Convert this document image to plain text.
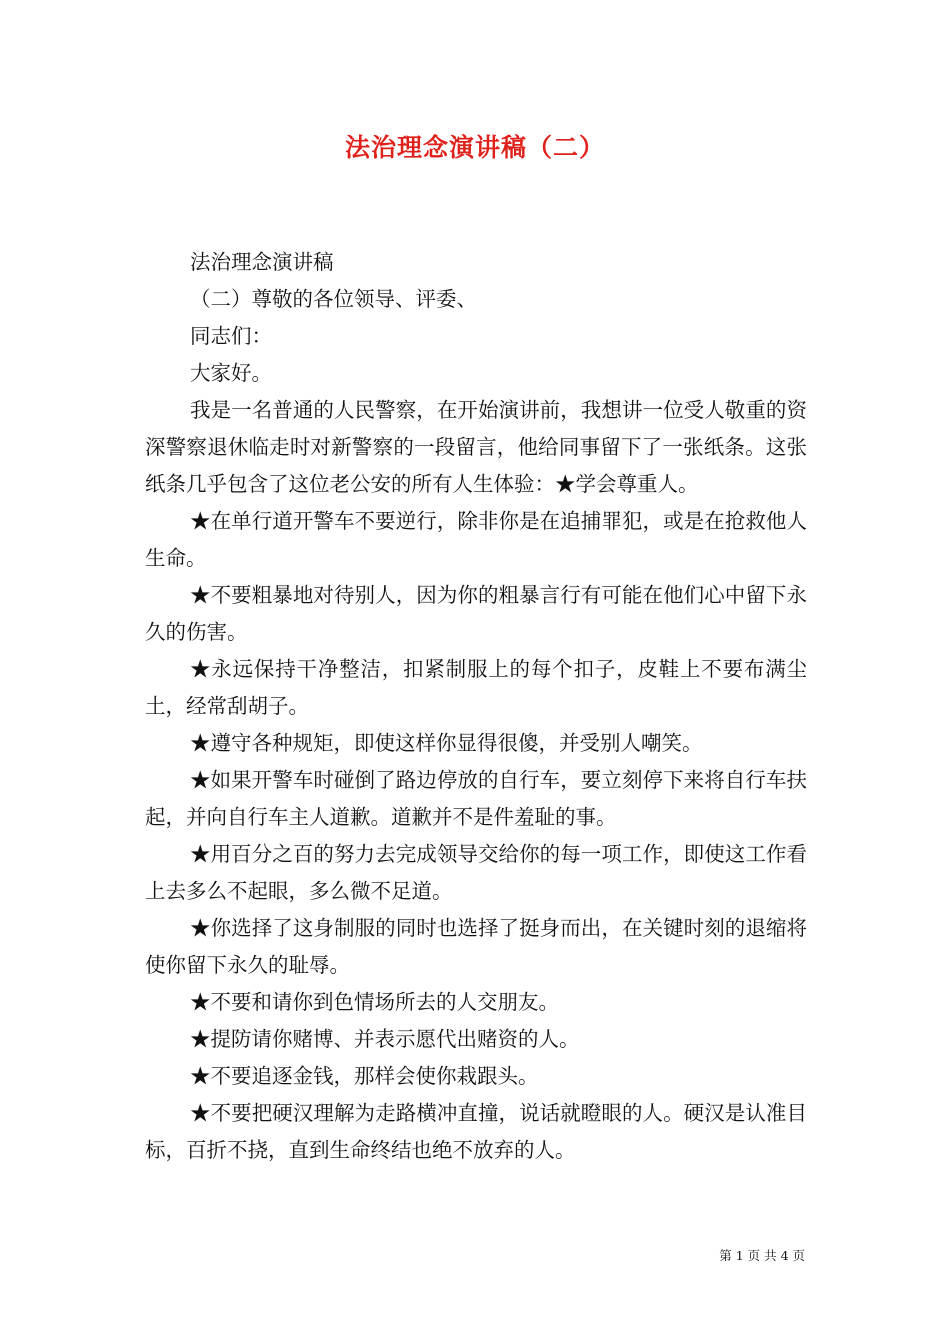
法治理念演讲稿（二）

法治理念演讲稿

（二）尊敬的各位领导、评委、

同志们：

大家好。

我是一名普通的人民警察，在开始演讲前，我想讲一位受人敬重的资深警察退休临走时对新警察的一段留言，他给同事留下了一张纸条。这张纸条几乎包含了这位老公安的所有人生体验：★学会尊重人。

★在单行道开警车不要逆行，除非你是在追捕罪犯，或是在抢救他人生命。

★不要粗暴地对待别人，因为你的粗暴言行有可能在他们心中留下永久的伤害。

★永远保持干净整洁，扣紧制服上的每个扣子，皮鞋上不要布满尘土，经常刮胡子。

★遵守各种规矩，即使这样你显得很傻，并受别人嘲笑。

★如果开警车时碰倒了路边停放的自行车，要立刻停下来将自行车扶起，并向自行车主人道歉。道歉并不是件羞耻的事。

★用百分之百的努力去完成领导交给你的每一项工作，即使这工作看上去多么不起眼，多么微不足道。

★你选择了这身制服的同时也选择了挺身而出，在关键时刻的退缩将使你留下永久的耻辱。

★不要和请你到色情场所去的人交朋友。

★提防请你赌博、并表示愿代出赌资的人。

★不要追逐金钱，那样会使你栽跟头。

★不要把硬汉理解为走路横冲直撞，说话就瞪眼的人。硬汉是认准目标，百折不挠，直到生命终结也绝不放弃的人。

第 1 页 共 4 页
